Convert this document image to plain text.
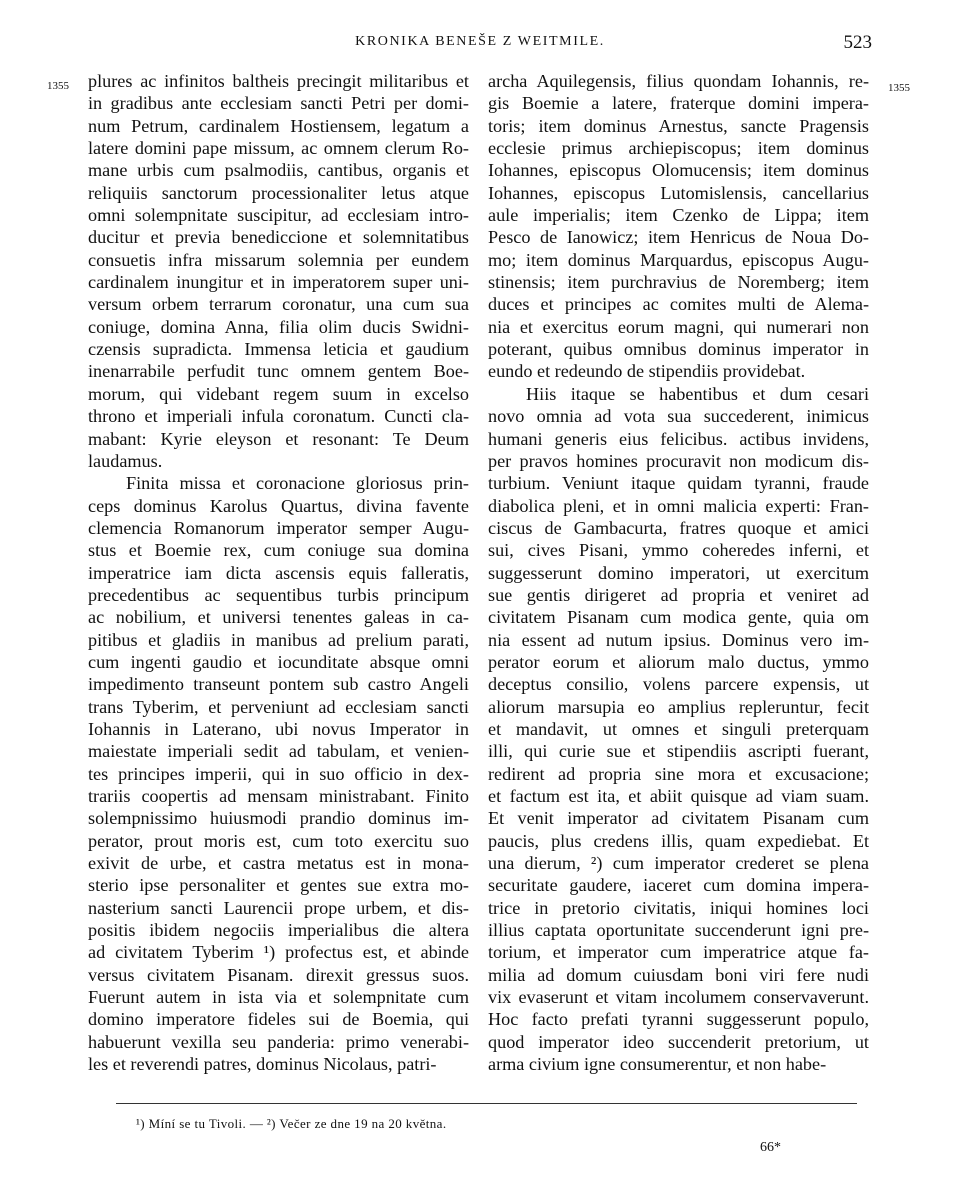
KRONIKA BENEŠE Z WEITMILE.	523
1355	1355
plures ac infinitos baltheis precingit militaribus et
in gradibus ante ecclesiam sancti Petri per domi-
num Petrum, cardinalem Hostiensem, legatum a
latere domini pape missum, ac omnem clerum Ro-
mane urbis cum psalmodiis, cantibus, organis et
reliquiis sanctorum processionaliter letus atque
omni solempnitate suscipitur, ad ecclesiam intro-
ducitur et previa benediccione et solemnitatibus
consuetis infra missarum solemnia per eundem
cardinalem inungitur et in imperatorem super uni-
versum orbem terrarum coronatur, una cum sua
coniuge, domina Anna, filia olim ducis Swidni-
czensis supradicta. Immensa leticia et gaudium
inenarrabile perfudit tunc omnem gentem Boe-
morum, qui videbant regem suum in excelso
throno et imperiali infula coronatum. Cuncti cla-
mabant: Kyrie eleyson et resonant: Te Deum
laudamus.
Finita missa et coronacione gloriosus prin-
ceps dominus Karolus Quartus, divina favente
clemencia Romanorum imperator semper Augu-
stus et Boemie rex, cum coniuge sua domina
imperatrice iam dicta ascensis equis falleratis,
precedentibus ac sequentibus turbis principum
ac nobilium, et universi tenentes galeas in ca-
pitibus et gladiis in manibus ad prelium parati,
cum ingenti gaudio et iocunditate absque omni
impedimento transeunt pontem sub castro Angeli
trans Tyberim, et perveniunt ad ecclesiam sancti
Iohannis in Laterano, ubi novus Imperator in
maiestate imperiali sedit ad tabulam, et venien-
tes principes imperii, qui in suo officio in dex-
trariis coopertis ad mensam ministrabant. Finito
solempnissimo huiusmodi prandio dominus im-
perator, prout moris est, cum toto exercitu suo
exivit de urbe, et castra metatus est in mona-
sterio ipse personaliter et gentes sue extra mo-
nasterium sancti Laurencii prope urbem, et dis-
positis ibidem negociis imperialibus die altera
ad civitatem Tyberim ¹) profectus est, et abinde
versus civitatem Pisanam. direxit gressus suos.
Fuerunt autem in ista via et solempnitate cum
domino imperatore fideles sui de Boemia, qui
habuerunt vexilla seu panderia: primo venerabi-
les et reverendi patres, dominus Nicolaus, patri-
archa Aquilegensis, filius quondam Iohannis, re-
gis Boemie a latere, fraterque domini impera-
toris; item dominus Arnestus, sancte Pragensis
ecclesie primus archiepiscopus; item dominus
Iohannes, episcopus Olomucensis; item dominus
Iohannes, episcopus Lutomislensis, cancellarius
aule imperialis; item Czenko de Lippa; item
Pesco de Ianowicz; item Henricus de Noua Do-
mo; item dominus Marquardus, episcopus Augu-
stinensis; item purchravius de Noremberg; item
duces et principes ac comites multi de Alema-
nia et exercitus eorum magni, qui numerari non
poterant, quibus omnibus dominus imperator in
eundo et redeundo de stipendiis providebat.
Hiis itaque se habentibus et dum cesari
novo omnia ad vota sua succederent, inimicus
humani generis eius felicibus. actibus invidens,
per pravos homines procuravit non modicum dis-
turbium. Veniunt itaque quidam tyranni, fraude
diabolica pleni, et in omni malicia experti: Fran-
ciscus de Gambacurta, fratres quoque et amici
sui, cives Pisani, ymmo coheredes inferni, et
suggesserunt domino imperatori, ut exercitum
sue gentis dirigeret ad propria et veniret ad
civitatem Pisanam cum modica gente, quia om
nia essent ad nutum ipsius. Dominus vero im-
perator eorum et aliorum malo ductus, ymmo
deceptus consilio, volens parcere expensis, ut
aliorum marsupia eo amplius repleruntur, fecit
et mandavit, ut omnes et singuli preterquam
illi, qui curie sue et stipendiis ascripti fuerant,
redirent ad propria sine mora et excusacione;
et factum est ita, et abiit quisque ad viam suam.
Et venit imperator ad civitatem Pisanam cum
paucis, plus credens illis, quam expediebat. Et
una dierum, ²) cum imperator crederet se plena
securitate gaudere, iaceret cum domina impera-
trice in pretorio civitatis, iniqui homines loci
illius captata oportunitate succenderunt igni pre-
torium, et imperator cum imperatrice atque fa-
milia ad domum cuiusdam boni viri fere nudi
vix evaserunt et vitam incolumem conservaverunt.
Hoc facto prefati tyranni suggesserunt populo,
quod imperator ideo succenderit pretorium, ut
arma civium igne consumerentur, et non habe-
¹) Míní se tu Tivoli. — ²) Večer ze dne 19 na 20 května.
66*
